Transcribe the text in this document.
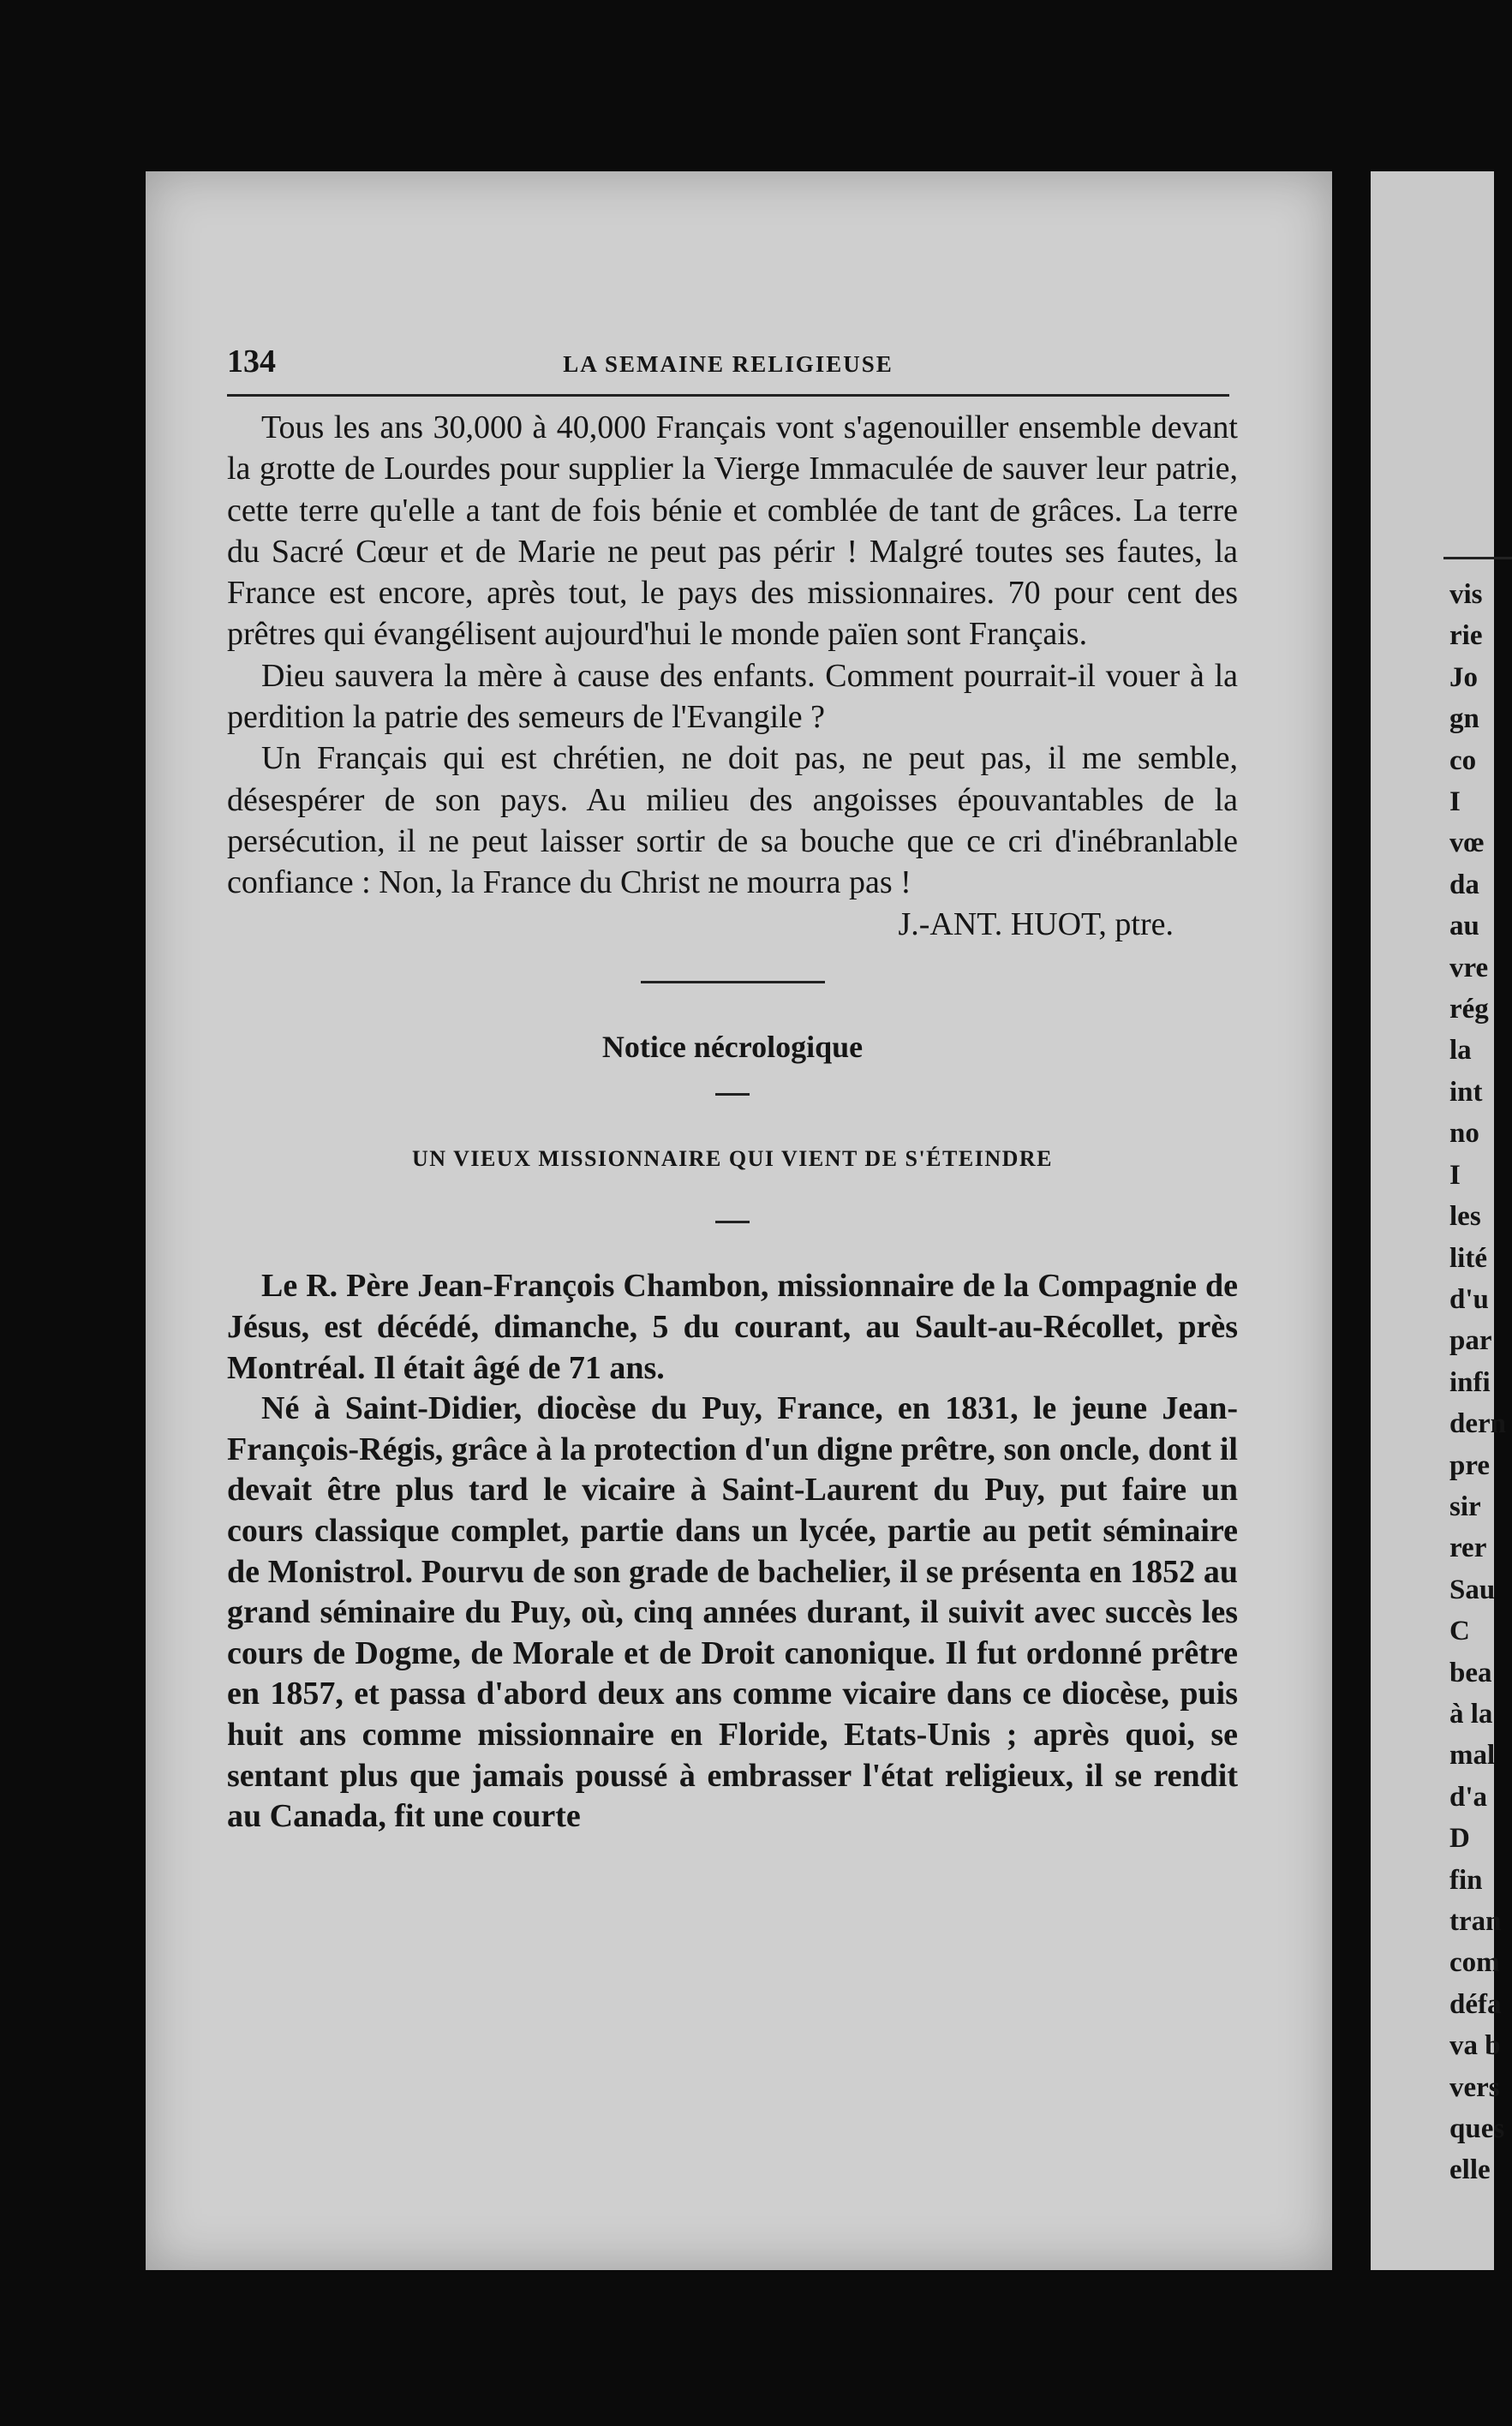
vis
rie
Jo
gn
co
I
vœ
da
au
vre
rég
la
int
no
I
les
lité
d'u
par
infi
dern
pre
sir
rer
Sau
C
bea
à la
mal
d'a
D
fin
tran
com
défa
va b
vers
ques
elle
134	LA SEMAINE RELIGIEUSE

Tous les ans 30,000 à 40,000 Français vont s'agenouiller ensemble devant la grotte de Lourdes pour supplier la Vierge Immaculée de sauver leur patrie, cette terre qu'elle a tant de fois bénie et comblée de tant de grâces. La terre du Sacré Cœur et de Marie ne peut pas périr ! Malgré toutes ses fautes, la France est encore, après tout, le pays des missionnaires. 70 pour cent des prêtres qui évangélisent aujourd'hui le monde païen sont Français.

Dieu sauvera la mère à cause des enfants. Comment pourrait-il vouer à la perdition la patrie des semeurs de l'Evangile ?

Un Français qui est chrétien, ne doit pas, ne peut pas, il me semble, désespérer de son pays. Au milieu des angoisses épouvantables de la persécution, il ne peut laisser sortir de sa bouche que ce cri d'inébranlable confiance : Non, la France du Christ ne mourra pas !

J.-ANT. HUOT, ptre.

Notice nécrologique
UN VIEUX MISSIONNAIRE QUI VIENT DE S'ÉTEINDRE

Le R. Père Jean-François Chambon, missionnaire de la Compagnie de Jésus, est décédé, dimanche, 5 du courant, au Sault-au-Récollet, près Montréal. Il était âgé de 71 ans.

Né à Saint-Didier, diocèse du Puy, France, en 1831, le jeune Jean-François-Régis, grâce à la protection d'un digne prêtre, son oncle, dont il devait être plus tard le vicaire à Saint-Laurent du Puy, put faire un cours classique complet, partie dans un lycée, partie au petit séminaire de Monistrol. Pourvu de son grade de bachelier, il se présenta en 1852 au grand séminaire du Puy, où, cinq années durant, il suivit avec succès les cours de Dogme, de Morale et de Droit canonique. Il fut ordonné prêtre en 1857, et passa d'abord deux ans comme vicaire dans ce diocèse, puis huit ans comme missionnaire en Floride, Etats-Unis ; après quoi, se sentant plus que jamais poussé à embrasser l'état religieux, il se rendit au Canada, fit une courte
